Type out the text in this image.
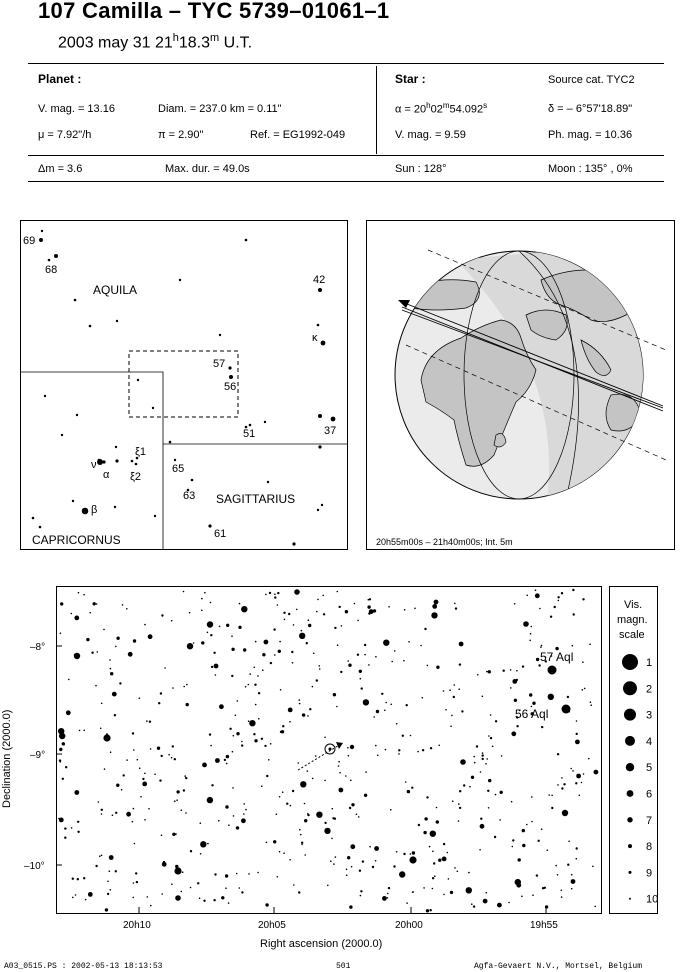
107 Camilla – TYC 5739–01061–1
2003 may 31 21$^h$18.3$^m$ U.T.
Planet :
V. mag. = 13.16	Diam. = 237.0 km = 0.11"
μ = 7.92"/h	π = 2.90"	Ref. = EG1992-049
Star :	Source cat. TYC2
$\alpha = 20^h02^m54.092^s$	δ = – 6°57'18.89"
V. mag. = 9.59	Ph. mag. = 10.36
Δm = 3.6	Max. dur. = 49.0s	Sun : 128°	Moon : 135° , 0%
AQUILA
SAGITTARIUS
CAPRICORNUS
69
68
42
κ
57
56
51	37
ξ1
ξ2
ν
α
β
65
63
61
20h55m00s – 21h40m00s; Int. 5m
57 Aql
56 Aql
20h10	20h05	20h00	19h55
–8°
–9°
–10°
Right ascension (2000.0)
Declination (2000.0)
Vis.
magn.
scale
1
2
3
4
5
6
7
8
9
10
A03_0515.PS : 2002-05-13 18:13:53	501	Agfa-Gevaert N.V., Mortsel, Belgium
